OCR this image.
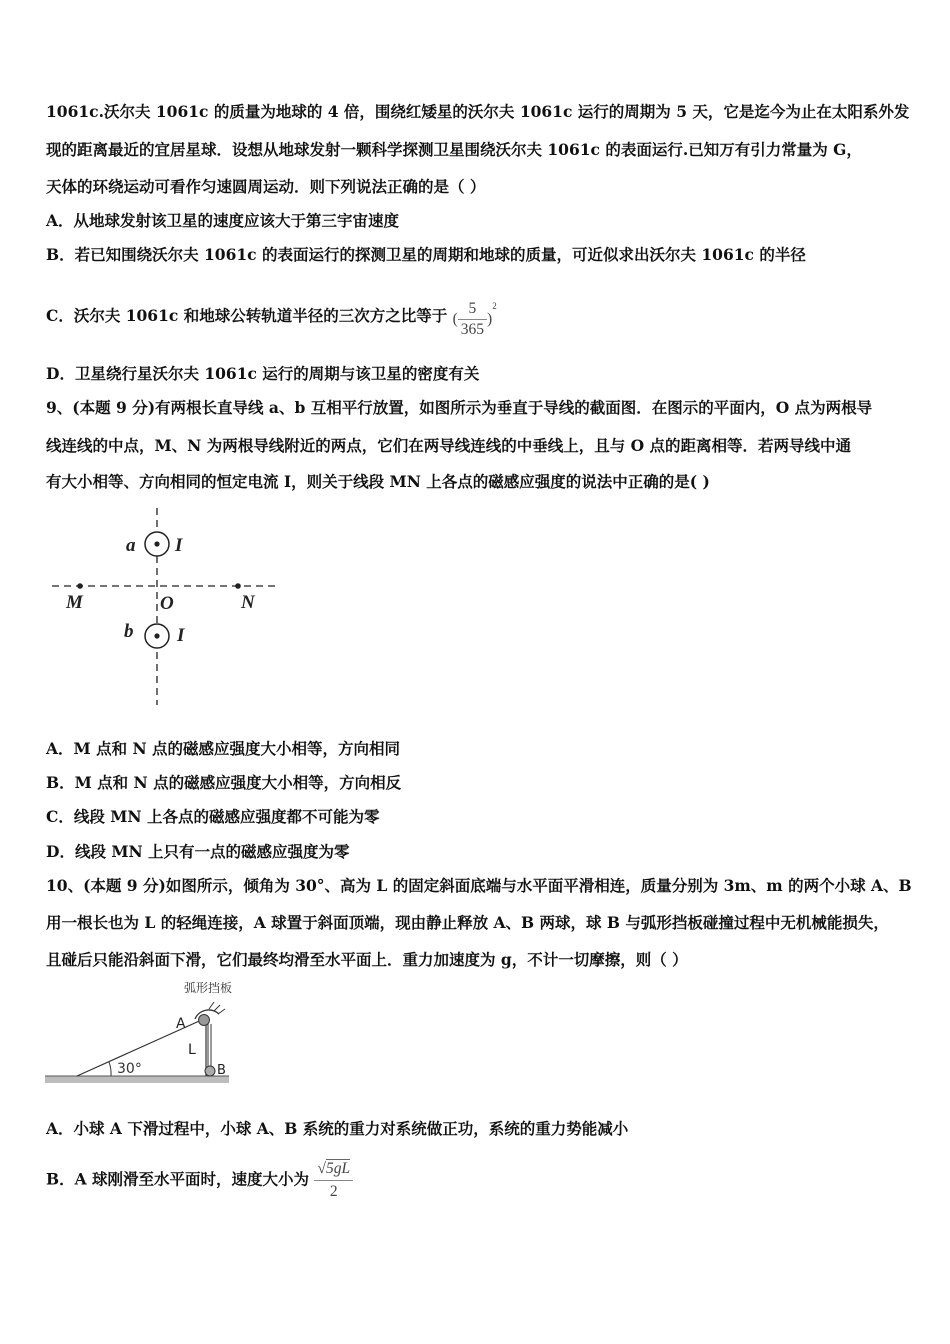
1061c.沃尔夫 1061c 的质量为地球的 4 倍，围绕红矮星的沃尔夫 1061c 运行的周期为 5 天，它是迄今为止在太阳系外发
现的距离最近的宜居星球．设想从地球发射一颗科学探测卫星围绕沃尔夫 1061c 的表面运行.已知万有引力常量为 G，
天体的环绕运动可看作匀速圆周运动．则下列说法正确的是（ ）
A．从地球发射该卫星的速度应该大于第三宇宙速度
B．若已知围绕沃尔夫 1061c 的表面运行的探测卫星的周期和地球的质量，可近似求出沃尔夫 1061c 的半径
C．沃尔夫 1061c 和地球公转轨道半径的三次方之比等于 ( $\frac{5}{365} )^2$
D．卫星绕行星沃尔夫 1061c 运行的周期与该卫星的密度有关
9、(本题 9 分)有两根长直导线 a、b 互相平行放置，如图所示为垂直于导线的截面图．在图示的平面内，O 点为两根导
线连线的中点，M、N 为两根导线附近的两点，它们在两导线连线的中垂线上，且与 O 点的距离相等．若两导线中通
有大小相等、方向相同的恒定电流 I，则关于线段 MN 上各点的磁感应强度的说法中正确的是( )
a I
b I
M	O	N
A．M 点和 N 点的磁感应强度大小相等，方向相同
B．M 点和 N 点的磁感应强度大小相等，方向相反
C．线段 MN 上各点的磁感应强度都不可能为零
D．线段 MN 上只有一点的磁感应强度为零
10、(本题 9 分)如图所示，倾角为 30°、高为 L 的固定斜面底端与水平面平滑相连，质量分别为 3m、m 的两个小球 A、B
用一根长也为 L 的轻绳连接，A 球置于斜面顶端，现由静止释放 A、B 两球，球 B 与弧形挡板碰撞过程中无机械能损失，
且碰后只能沿斜面下滑，它们最终均滑至水平面上．重力加速度为 g，不计一切摩擦，则（ ）
弧形挡板
30°
A
L
B
A．小球 A 下滑过程中，小球 A、B 系统的重力对系统做正功，系统的重力势能减小
B．A 球刚滑至水平面时，速度大小为 $\frac{√5gL}{2}$
